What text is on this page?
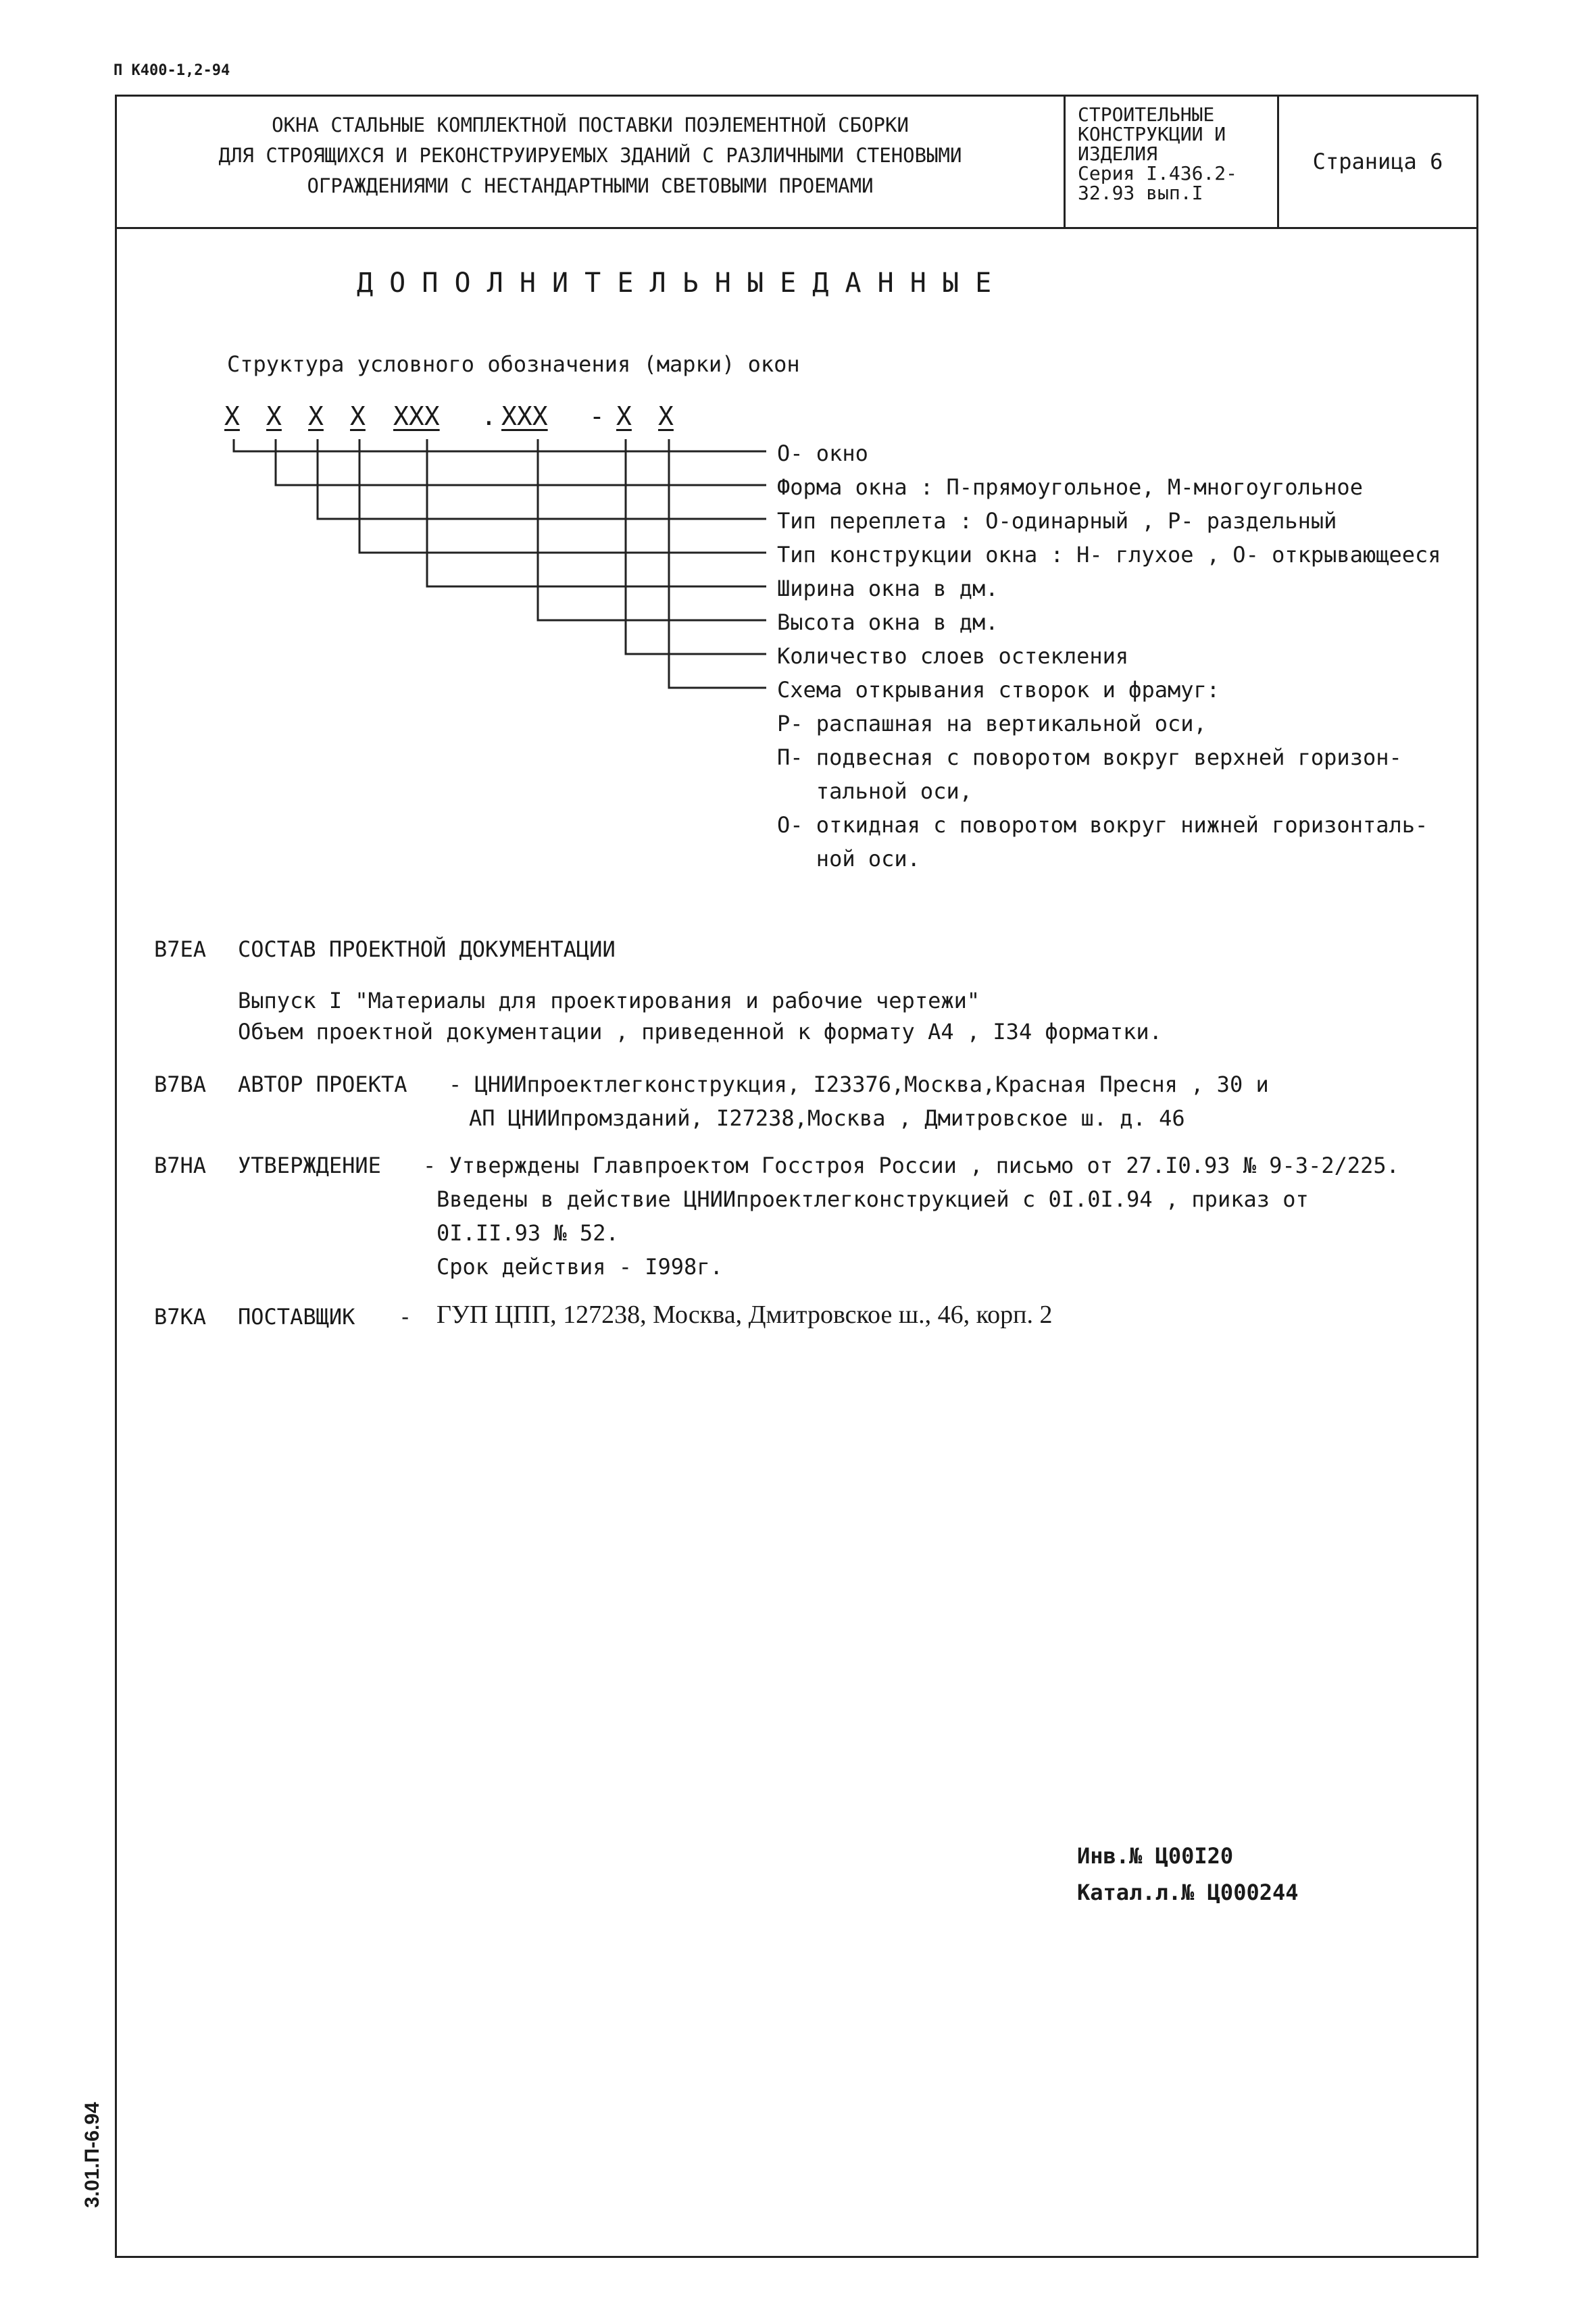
П К400-1,2-94
ОКНА СТАЛЬНЫЕ КОМПЛЕКТНОЙ ПОСТАВКИ ПОЭЛЕМЕНТНОЙ СБОРКИ
ДЛЯ СТРОЯЩИХСЯ И РЕКОНСТРУИРУЕМЫХ ЗДАНИЙ С РАЗЛИЧНЫМИ СТЕНОВЫМИ
ОГРАЖДЕНИЯМИ С НЕСТАНДАРТНЫМИ СВЕТОВЫМИ ПРОЕМАМИ
СТРОИТЕЛЬНЫЕ
КОНСТРУКЦИИ И
ИЗДЕЛИЯ
Серия I.436.2-
32.93 вып.I
Страница 6
Д О П О Л Н И Т Е Л Ь Н Ы Е Д А Н Н Ы Е
Структура условного обозначения (марки) окон
X X X X XXX . XXX - X X
О- окно
Форма окна : П-прямоугольное, М-многоугольное
Тип переплета : О-одинарный , Р- раздельный
Тип конструкции окна : Н- глухое , О- открывающееся
Ширина окна в дм.
Высота окна в дм.
Количество слоев остекления
Схема открывания створок и фрамуг:
Р- распашная на вертикальной оси,
П- подвесная с поворотом вокруг верхней горизон-
тальной оси,
О- откидная с поворотом вокруг нижней горизонталь-
ной оси.
B7EA СОСТАВ ПРОЕКТНОЙ ДОКУМЕНТАЦИИ
Выпуск I "Материалы для проектирования и рабочие чертежи"
Объем проектной документации , приведенной к формату А4 , I34 форматки.
B7BA АВТОР ПРОЕКТА - ЦНИИпроектлегконструкция, I23376,Москва,Красная Пресня , 30 и
АП ЦНИИпромзданий, I27238,Москва , Дмитровское ш. д. 46
B7HA УТВЕРЖДЕНИЕ - Утверждены Главпроектом Госстроя России , письмо от 27.I0.93 № 9-3-2/225.
Введены в действие ЦНИИпроектлегконструкцией с 0I.0I.94 , приказ от
0I.II.93 № 52.
Срок действия - I998г.
B7KA ПОСТАВЩИК - ГУП ЦПП, 127238, Москва, Дмитровское ш., 46, корп. 2
Инв.№ Ц00I20
Катал.л.№ Ц000244
3.01.П-6.94
